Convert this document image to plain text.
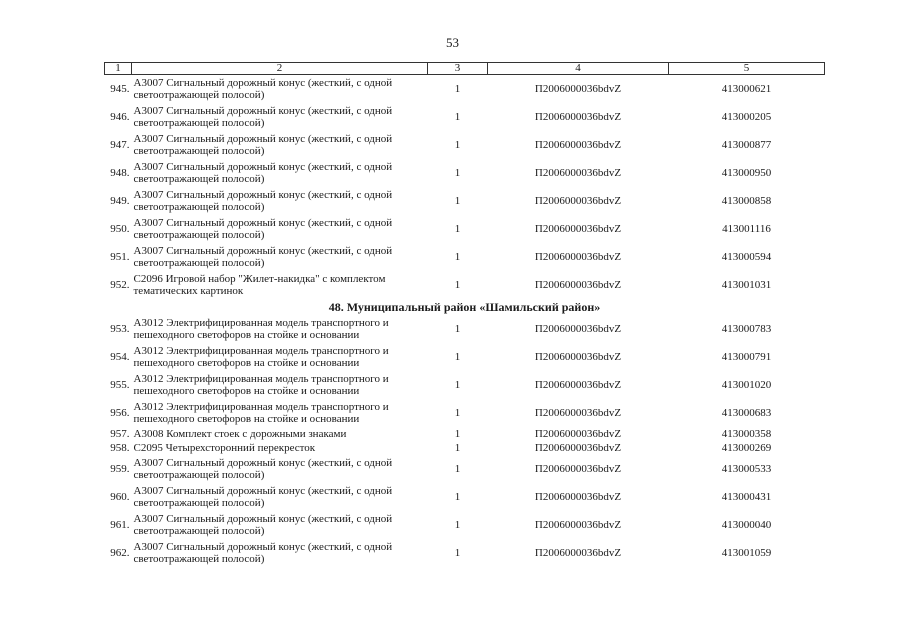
53
1	2	3	4	5
945.	А3007 Сигнальный дорожный конус (жесткий, с одной светоотражающей полосой)	1	П2006000036bdvZ	413000621
946.	А3007 Сигнальный дорожный конус (жесткий, с одной светоотражающей полосой)	1	П2006000036bdvZ	413000205
947.	А3007 Сигнальный дорожный конус (жесткий, с одной светоотражающей полосой)	1	П2006000036bdvZ	413000877
948.	А3007 Сигнальный дорожный конус (жесткий, с одной светоотражающей полосой)	1	П2006000036bdvZ	413000950
949.	А3007 Сигнальный дорожный конус (жесткий, с одной светоотражающей полосой)	1	П2006000036bdvZ	413000858
950.	А3007 Сигнальный дорожный конус (жесткий, с одной светоотражающей полосой)	1	П2006000036bdvZ	413001116
951.	А3007 Сигнальный дорожный конус (жесткий, с одной светоотражающей полосой)	1	П2006000036bdvZ	413000594
952.	С2096 Игровой набор "Жилет-накидка" с комплектом тематических картинок	1	П2006000036bdvZ	413001031
48. Муниципальный район «Шамильский район»				
953.	А3012 Электрифицированная модель транспортного и пешеходного светофоров на стойке и основании	1	П2006000036bdvZ	413000783
954.	А3012 Электрифицированная модель транспортного и пешеходного светофоров на стойке и основании	1	П2006000036bdvZ	413000791
955.	А3012 Электрифицированная модель транспортного и пешеходного светофоров на стойке и основании	1	П2006000036bdvZ	413001020
956.	А3012 Электрифицированная модель транспортного и пешеходного светофоров на стойке и основании	1	П2006000036bdvZ	413000683
957.	А3008 Комплект стоек с дорожными знаками	1	П2006000036bdvZ	413000358
958.	С2095 Четырехсторонний перекресток	1	П2006000036bdvZ	413000269
959.	А3007 Сигнальный дорожный конус (жесткий, с одной светоотражающей полосой)	1	П2006000036bdvZ	413000533
960.	А3007 Сигнальный дорожный конус (жесткий, с одной светоотражающей полосой)	1	П2006000036bdvZ	413000431
961.	А3007 Сигнальный дорожный конус (жесткий, с одной светоотражающей полосой)	1	П2006000036bdvZ	413000040
962.	А3007 Сигнальный дорожный конус (жесткий, с одной светоотражающей полосой)	1	П2006000036bdvZ	413001059
